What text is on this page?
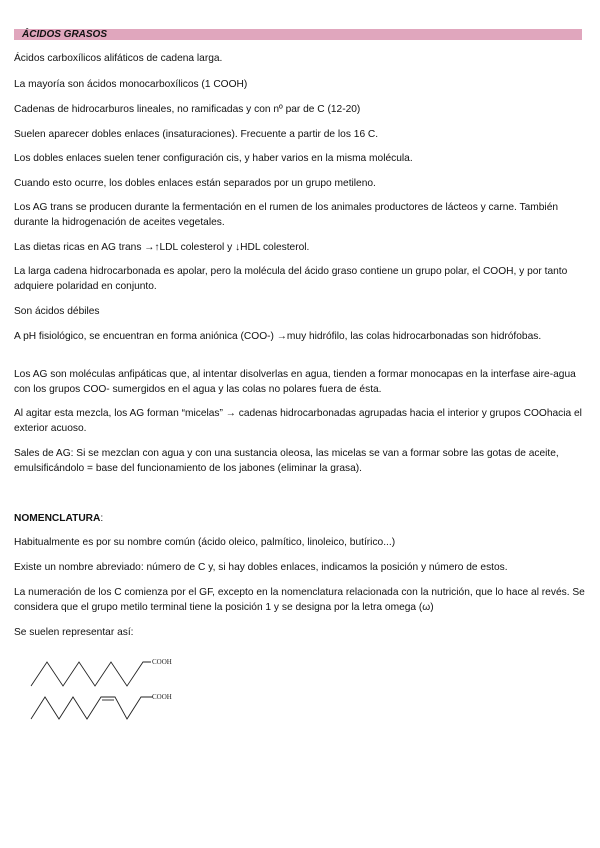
ÁCIDOS GRASOS

Ácidos carboxílicos alifáticos de cadena larga.

La mayoría son ácidos monocarboxílicos (1 COOH)

Cadenas de hidrocarburos lineales, no ramificadas y con nº par de C (12-20)

Suelen aparecer dobles enlaces (insaturaciones). Frecuente a partir de los 16 C.

Los dobles enlaces suelen tener configuración cis, y haber varios en la misma molécula.

Cuando esto ocurre, los dobles enlaces están separados por un grupo metileno.

Los AG trans se producen durante la fermentación en el rumen de los animales productores de lácteos y carne. También durante la hidrogenación de aceites vegetales.

Las dietas ricas en AG trans →↑LDL colesterol y ↓HDL colesterol.

La larga cadena hidrocarbonada es apolar, pero la molécula del ácido graso contiene un grupo polar, el COOH, y por tanto adquiere polaridad en conjunto.

Son ácidos débiles

A pH fisiológico, se encuentran en forma aniónica (COO-) →muy hidrófilo, las colas hidrocarbonadas son hidrófobas.

Los AG son moléculas anfipáticas que, al intentar disolverlas en agua, tienden a formar monocapas en la interfase aire-agua con los grupos COO- sumergidos en el agua y las colas no polares fuera de ésta.

Al agitar esta mezcla, los AG forman “micelas” → cadenas hidrocarbonadas agrupadas hacia el interior y grupos COOhacia el exterior acuoso.

Sales de AG: Si se mezclan con agua y con una sustancia oleosa, las micelas se van a formar sobre las gotas de aceite, emulsificándolo = base del funcionamiento de los jabones (eliminar la grasa).

NOMENCLATURA:

Habitualmente es por su nombre común (ácido oleico, palmítico, linoleico, butírico...)

Existe un nombre abreviado: número de C y, si hay dobles enlaces, indicamos la posición y número de estos.

La numeración de los C comienza por el GF, excepto en la nomenclatura relacionada con la nutrición, que lo hace al revés. Se considera que el grupo metilo terminal tiene la posición 1 y se designa por la letra omega (ω)

Se suelen representar así:

COOH
COOH
